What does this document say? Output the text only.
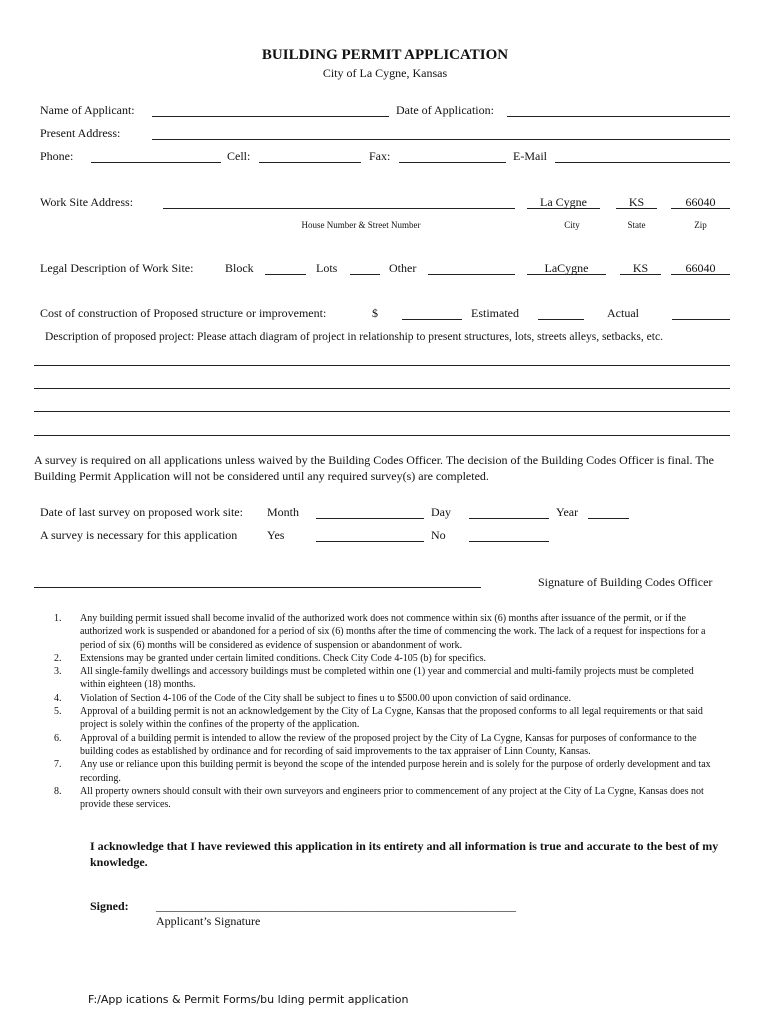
BUILDING PERMIT APPLICATION
City of La Cygne, Kansas
Name of Applicant:	Date of Application:
Present Address:
Phone:	Cell:	Fax:	E-Mail
Work Site Address:	La Cygne	KS	66040
House Number & Street Number	City	State	Zip
Legal Description of Work Site:	Block	Lots	Other	LaCygne	KS	66040
Cost of construction of Proposed structure or improvement:	$	Estimated	Actual
Description of proposed project: Please attach diagram of project in relationship to present structures, lots, streets alleys, setbacks, etc.
A survey is required on all applications unless waived by the Building Codes Officer. The decision of the Building Codes Officer is final. The Building Permit Application will not be considered until any required survey(s) are completed.
Date of last survey on proposed work site: Month	Day	Year
A survey is necessary for this application Yes	No
Signature of Building Codes Officer
1. Any building permit issued shall become invalid of the authorized work does not commence within six (6) months after issuance of the permit, or if the authorized work is suspended or abandoned for a period of six (6) months after the time of commencing the work. The lack of a request for inspections for a period of six (6) months will be considered as evidence of suspension or abandonment of work.
2. Extensions may be granted under certain limited conditions. Check City Code 4-105 (b) for specifics.
3. All single-family dwellings and accessory buildings must be completed within one (1) year and commercial and multi-family projects must be completed within eighteen (18) months.
4. Violation of Section 4-106 of the Code of the City shall be subject to fines u to $500.00 upon conviction of said ordinance.
5. Approval of a building permit is not an acknowledgement by the City of La Cygne, Kansas that the proposed conforms to all legal requirements or that said project is solely within the confines of the property of the application.
6. Approval of a building permit is intended to allow the review of the proposed project by the City of La Cygne, Kansas for purposes of conformance to the building codes as established by ordinance and for recording of said improvements to the tax appraiser of Linn County, Kansas.
7. Any use or reliance upon this building permit is beyond the scope of the intended purpose herein and is solely for the purpose of orderly development and tax recording.
8. All property owners should consult with their own surveyors and engineers prior to commencement of any project at the City of La Cygne, Kansas does not provide these services.
I acknowledge that I have reviewed this application in its entirety and all information is true and accurate to the best of my knowledge.
Signed: ____________________________________________________________
Applicant’s Signature
F:/App ications & Permit Forms/bu lding permit application
